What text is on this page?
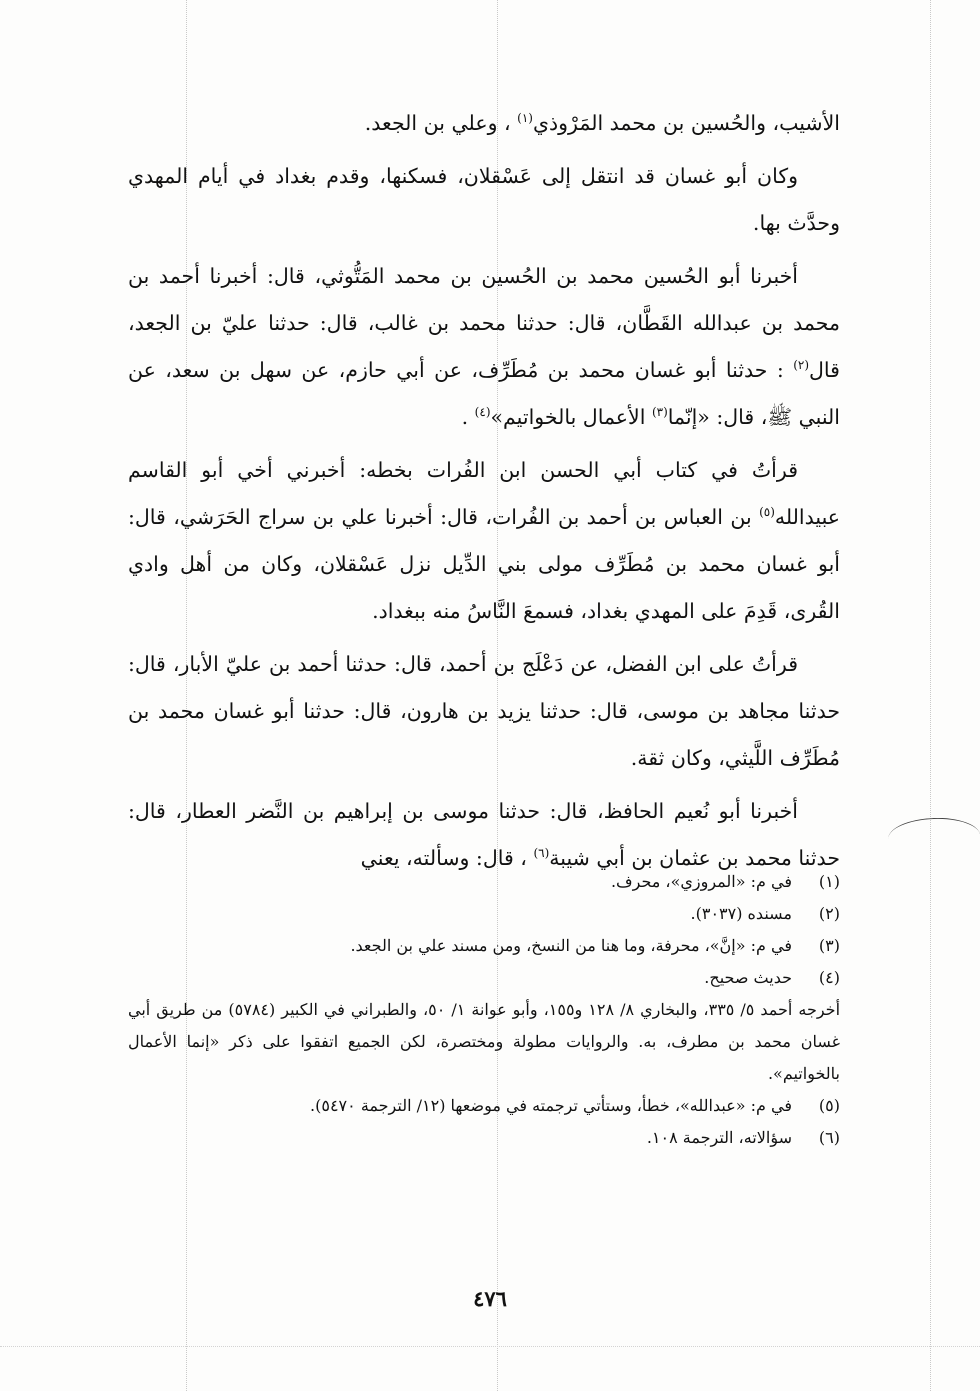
الأشيب، والحُسين بن محمد المَرْوذي$^{(١)}$ ، وعلي بن الجعد.

وكان أبو غسان قد انتقل إلى عَسْقلان، فسكنها، وقدم بغداد في أيام المهدي وحدَّث بها.

أخبرنا أبو الحُسين محمد بن الحُسين بن محمد المَتُّوثي، قال: أخبرنا أحمد بن محمد بن عبدالله القَطَّان، قال: حدثنا محمد بن غالب، قال: حدثنا عليّ بن الجعد، قال$^{(٢)}$ : حدثنا أبو غسان محمد بن مُطَرِّف، عن أبي حازم، عن سهل بن سعد، عن النبي ﷺ، قال: «إنّما$^{(٣)}$ الأعمال بالخواتيم»$^{(٤)}$ .

قرأتُ في كتاب أبي الحسن ابن الفُرات بخطه: أخبرني أخي أبو القاسم عبيدالله$^{(٥)}$ بن العباس بن أحمد بن الفُرات، قال: أخبرنا علي بن سراج الحَرَشي، قال: أبو غسان محمد بن مُطَرِّف مولى بني الدِّيل نزل عَسْقلان، وكان من أهل وادي القُرى، قَدِمَ على المهدي بغداد، فسمعَ النَّاسُ منه ببغداد.

قرأتُ على ابن الفضل، عن دَعْلَج بن أحمد، قال: حدثنا أحمد بن عليّ الأبار، قال: حدثنا مجاهد بن موسى، قال: حدثنا يزيد بن هارون، قال: حدثنا أبو غسان محمد بن مُطَرِّف اللَّيثي، وكان ثقة.

أخبرنا أبو نُعيم الحافظ، قال: حدثنا موسى بن إبراهيم بن النَّضر العطار، قال: حدثنا محمد بن عثمان بن أبي شيبة$^{(٦)}$ ، قال: وسألته، يعني

(١)
في م: «المروزي»، محرف.
(٢)
مسنده (٣٠٣٧).
(٣)
في م: «إنَّ»، محرفة، وما هنا من النسخ، ومن مسند علي بن الجعد.
(٤)
حديث صحيح.
أخرجه أحمد ٥/ ٣٣٥، والبخاري ٨/ ١٢٨ و١٥٥، وأبو عوانة ١/ ٥٠، والطبراني في الكبير (٥٧٨٤) من طريق أبي غسان محمد بن مطرف، به. والروايات مطولة ومختصرة، لكن الجميع اتفقوا على ذكر «إنما الأعمال بالخواتيم».
(٥)
في م: «عبدالله»، خطأ، وستأتي ترجمته في موضعها (١٢/ الترجمة ٥٤٧٠).
(٦)
سؤالاته، الترجمة ١٠٨.
٤٧٦
